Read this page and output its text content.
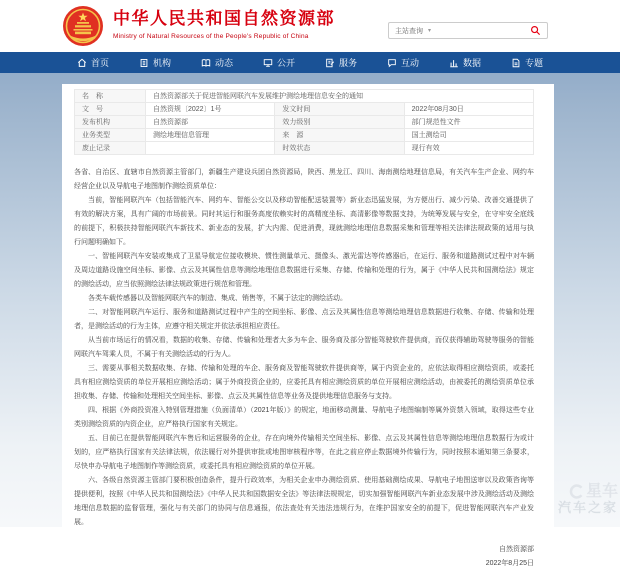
中华人民共和国自然资源部
Ministry of Natural Resources of the People's Republic of China
主站查询 ▾
首页	机构	动态	公开	服务	互动	数据	专题
名　称	自然资源部关于促进智能网联汽车发展维护测绘地理信息安全的通知		
文　号	自然资规〔2022〕1号	发文时间	2022年08月30日
发布机构	自然资源部	效力级别	部门规范性文件
业务类型	测绘地理信息管理	来　源	国土测绘司
废止记录		时效状态	现行有效

各省、自治区、直辖市自然资源主管部门，新疆生产建设兵团自然资源局，陕西、黑龙江、四川、海南测绘地理信息局，有关汽车生产企业、网约车经营企业以及导航电子地图制作测绘资质单位：

当前，智能网联汽车（包括智能汽车、网约车、智能公交以及移动智能配送装置等）新业态迅猛发展，为方便出行、减少污染、改善交通提供了有效的解决方案，具有广阔的市场前景。同时其运行和服务高度依赖实时的高精度坐标、高清影像等数据支持，为统筹发展与安全，在守牢安全底线的前提下，积极扶持智能网联汽车新技术、新业态的发展，扩大内需、促进消费，现就测绘地理信息数据采集和管理等相关法律法规政策的适用与执行问题明确如下。

一、智能网联汽车安装或集成了卫星导航定位接收模块、惯性测量单元、摄像头、激光雷达等传感器后，在运行、服务和道路测试过程中对车辆及周边道路设施空间坐标、影像、点云及其属性信息等测绘地理信息数据进行采集、存储、传输和处理的行为，属于《中华人民共和国测绘法》规定的测绘活动，应当依照测绘法律法规政策进行规范和管理。

各类车载传感器以及智能网联汽车的制造、集成、销售等，不属于法定的测绘活动。

二、对智能网联汽车运行、服务和道路测试过程中产生的空间坐标、影像、点云及其属性信息等测绘地理信息数据进行收集、存储、传输和处理者，是测绘活动的行为主体，应遵守相关规定并依法承担相应责任。

从当前市场运行的情况看，数据的收集、存储、传输和处理者大多为车企、服务商及部分智能驾驶软件提供商，而仅获得辅助驾驶等服务的智能网联汽车驾乘人员，不属于有关测绘活动的行为人。

三、需要从事相关数据收集、存储、传输和处理的车企、服务商及智能驾驶软件提供商等，属于内资企业的，应依法取得相应测绘资质，或委托具有相应测绘资质的单位开展相应测绘活动；属于外商投资企业的，应委托具有相应测绘资质的单位开展相应测绘活动，由被委托的测绘资质单位承担收集、存储、传输和处理相关空间坐标、影像、点云及其属性信息等业务及提供地理信息服务与支持。

四、根据《外商投资准入特别管理措施（负面清单）（2021年版）》的规定，地面移动测量、导航电子地图编制等属外资禁入领域，取得这些专业类别测绘资质的内资企业，应严格执行国家有关规定。

五、目前已在提供智能网联汽车售后和运营服务的企业，存在向境外传输相关空间坐标、影像、点云及其属性信息等测绘地理信息数据行为或计划的，应严格执行国家有关法律法规，依法履行对外提供审批或地图审核程序等，在此之前应停止数据境外传输行为，同时按照本通知第三条要求，尽快申办导航电子地图制作等测绘资质，或委托具有相应测绘资质的单位开展。

六、各级自然资源主管部门要积极创造条件，提升行政效率，为相关企业申办测绘资质、使用基础测绘成果、导航电子地图送审以及政策咨询等提供便利，按照《中华人民共和国测绘法》《中华人民共和国数据安全法》等法律法规规定，切实加强智能网联汽车新业态发展中涉及测绘活动及测绘地理信息数据的监督管理，强化与有关部门的协同与信息通报，依法查处有关违法违规行为，在维护国家安全的前提下，促进智能网联汽车产业发展。

自然资源部
2022年8月25日
星车
汽车之家
